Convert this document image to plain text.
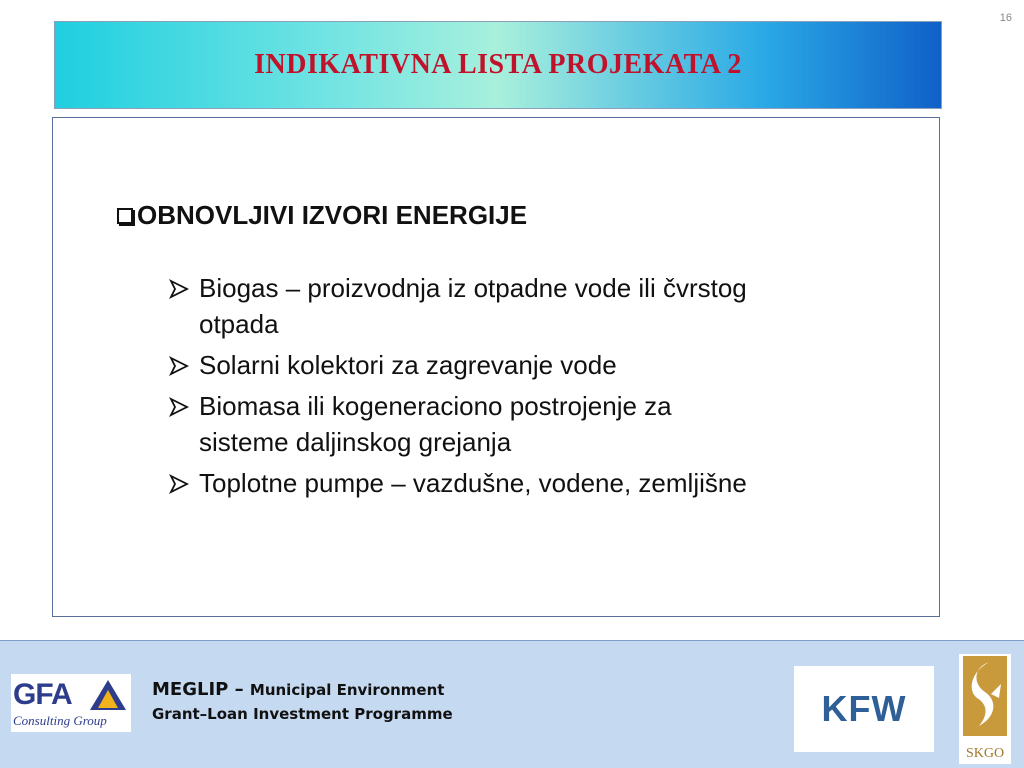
16
INDIKATIVNA LISTA PROJEKATA 2
OBNOVLJIVI IZVORI ENERGIJE
Biogas – proizvodnja iz otpadne vode ili čvrstog
otpada
Solarni kolektori za zagrevanje vode
Biomasa ili kogeneraciono postrojenje za
sisteme daljinskog grejanja
Toplotne pumpe – vazdušne, vodene, zemljišne
GFA
Consulting Group
MEGLIP – Municipal Environment
Grant–Loan Investment Programme	KFW
SKGO
